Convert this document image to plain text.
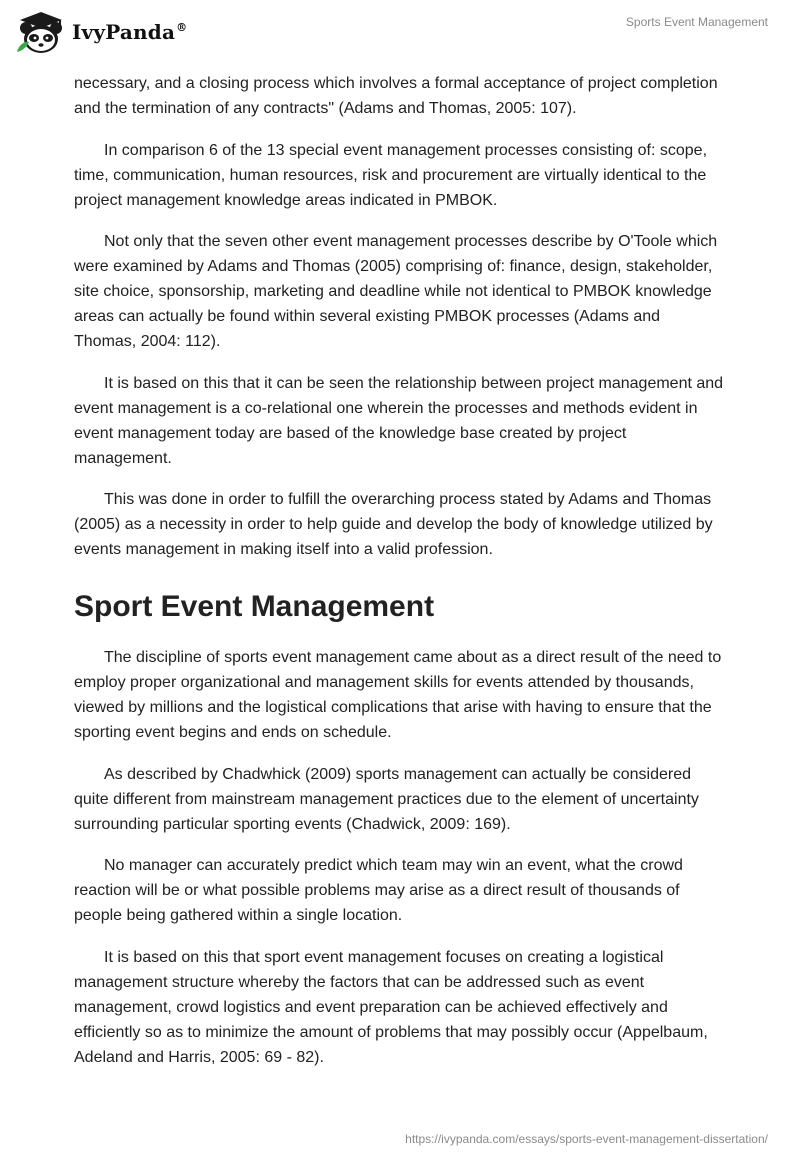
IvyPanda®	Sports Event Management

necessary, and a closing process which involves a formal acceptance of project completion and the termination of any contracts" (Adams and Thomas, 2005: 107).

In comparison 6 of the 13 special event management processes consisting of: scope, time, communication, human resources, risk and procurement are virtually identical to the project management knowledge areas indicated in PMBOK.

Not only that the seven other event management processes describe by O'Toole which were examined by Adams and Thomas (2005) comprising of: finance, design, stakeholder, site choice, sponsorship, marketing and deadline while not identical to PMBOK knowledge areas can actually be found within several existing PMBOK processes (Adams and Thomas, 2004: 112).

It is based on this that it can be seen the relationship between project management and event management is a co-relational one wherein the processes and methods evident in event management today are based of the knowledge base created by project management.

This was done in order to fulfill the overarching process stated by Adams and Thomas (2005) as a necessity in order to help guide and develop the body of knowledge utilized by events management in making itself into a valid profession.

Sport Event Management

The discipline of sports event management came about as a direct result of the need to employ proper organizational and management skills for events attended by thousands, viewed by millions and the logistical complications that arise with having to ensure that the sporting event begins and ends on schedule.

As described by Chadwhick (2009) sports management can actually be considered quite different from mainstream management practices due to the element of uncertainty surrounding particular sporting events (Chadwick, 2009: 169).

No manager can accurately predict which team may win an event, what the crowd reaction will be or what possible problems may arise as a direct result of thousands of people being gathered within a single location.

It is based on this that sport event management focuses on creating a logistical management structure whereby the factors that can be addressed such as event management, crowd logistics and event preparation can be achieved effectively and efficiently so as to minimize the amount of problems that may possibly occur (Appelbaum, Adeland and Harris, 2005: 69 - 82).

https://ivypanda.com/essays/sports-event-management-dissertation/
